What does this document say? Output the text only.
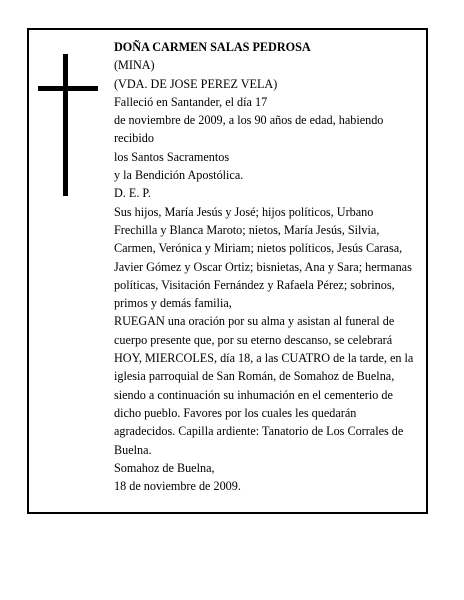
DOÑA CARMEN SALAS PEDROSA
(MINA)
(VDA. DE JOSE PEREZ VELA)
Falleció en Santander, el día 17
de noviembre de 2009, a los 90 años de edad, habiendo
recibido
los Santos Sacramentos
y la Bendición Apostólica.
D. E. P.
Sus hijos, María Jesús y José; hijos políticos, Urbano Frechilla y Blanca Maroto; nietos, María Jesús, Silvia, Carmen, Verónica y Miriam; nietos políticos, Jesús Carasa, Javier Gómez y Oscar Ortiz; bisnietas, Ana y Sara; hermanas políticas, Visitación Fernández y Rafaela Pérez; sobrinos, primos y demás familia,
RUEGAN una oración por su alma y asistan al funeral de cuerpo presente que, por su eterno descanso, se celebrará HOY, MIERCOLES, día 18, a las CUATRO de la tarde, en la iglesia parroquial de San Román, de Somahoz de Buelna, siendo a continuación su inhumación en el cementerio de dicho pueblo. Favores por los cuales les quedarán agradecidos. Capilla ardiente: Tanatorio de Los Corrales de Buelna.
Somahoz de Buelna,
18 de noviembre de 2009.
